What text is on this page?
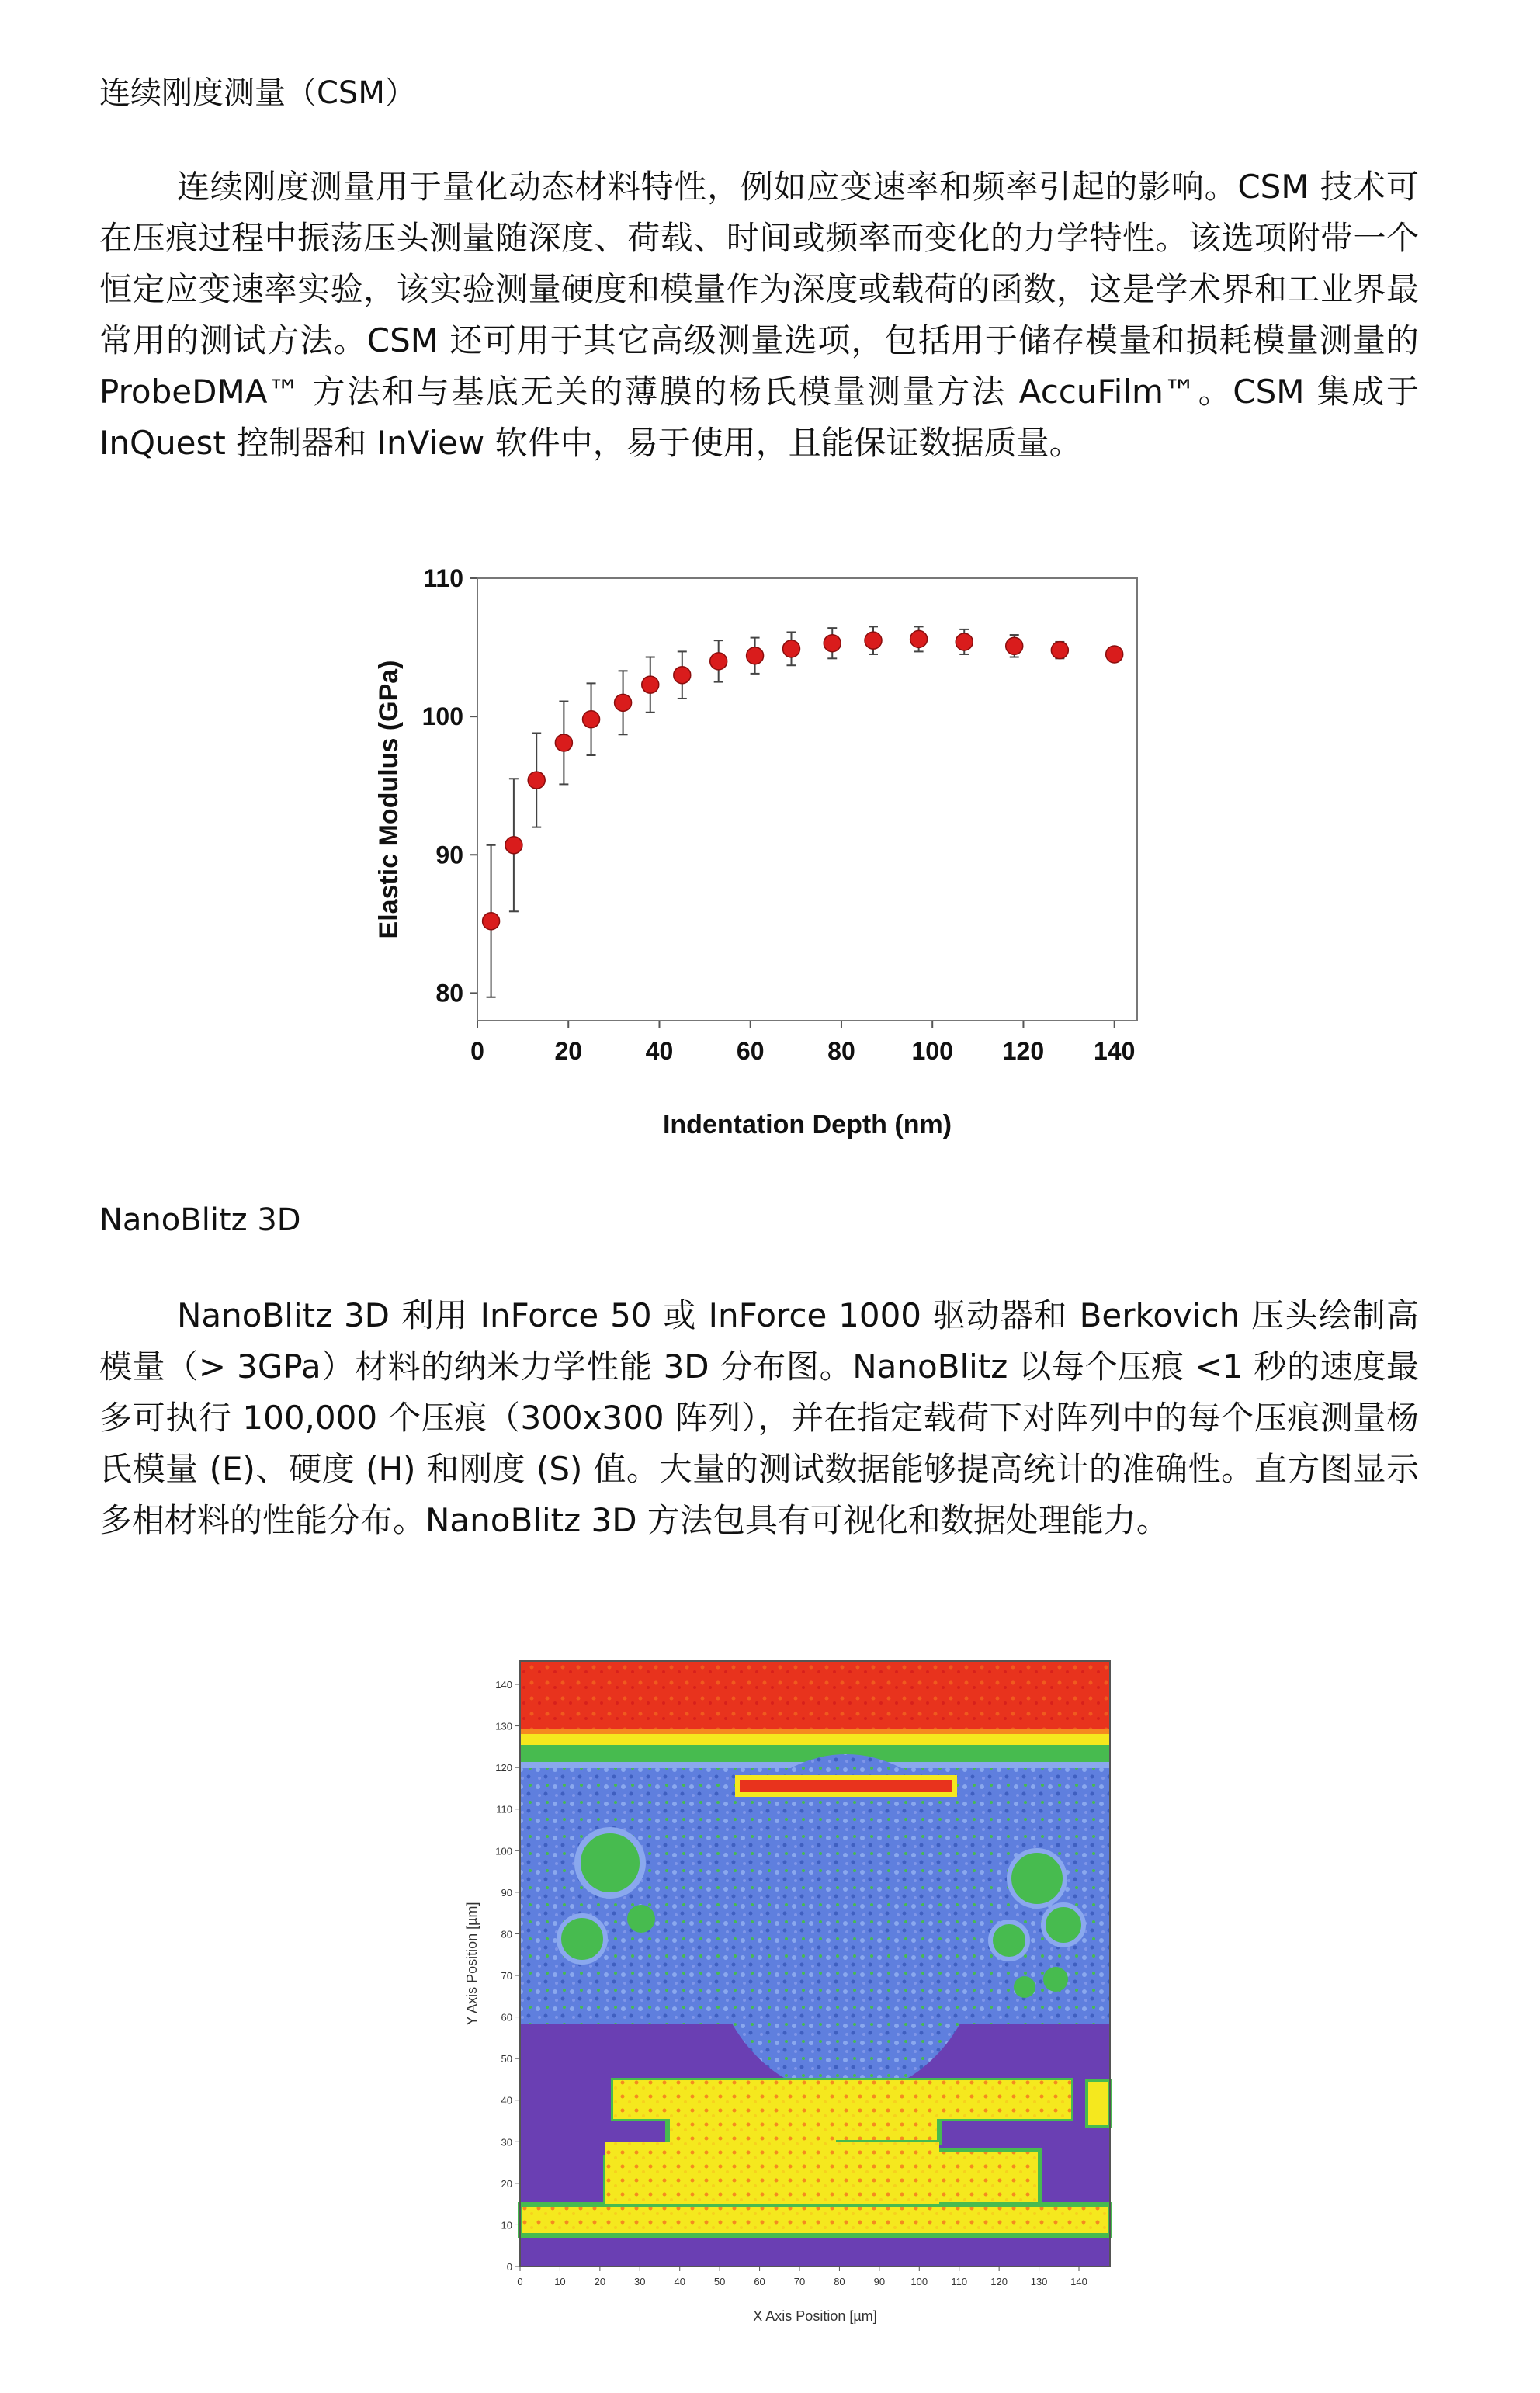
连续刚度测量（CSM）
连续刚度测量用于量化动态材料特性，例如应变速率和频率引起的影响。CSM 技术可在压痕过程中振荡压头测量随深度、荷载、时间或频率而变化的力学特性。该选项附带一个恒定应变速率实验，该实验测量硬度和模量作为深度或载荷的函数，这是学术界和工业界最常用的测试方法。CSM 还可用于其它高级测量选项，包括用于储存模量和损耗模量测量的 ProbeDMA™ 方法和与基底无关的薄膜的杨氏模量测量方法 AccuFilm™。CSM 集成于 InQuest 控制器和 InView 软件中，易于使用，且能保证数据质量。
80
90
100
110
0	20	40	60	80 100 120 140
Indentation Depth (nm)
Elastic Modulus (GPa)
NanoBlitz 3D
NanoBlitz 3D 利用 InForce 50 或 InForce 1000 驱动器和 Berkovich 压头绘制高模量（> 3GPa）材料的纳米力学性能 3D 分布图。NanoBlitz 以每个压痕 <1 秒的速度最多可执行 100,000 个压痕（300x300 阵列），并在指定载荷下对阵列中的每个压痕测量杨氏模量 (E)、硬度 (H) 和刚度 (S) 值。大量的测试数据能够提高统计的准确性。直方图显示多相材料的性能分布。NanoBlitz 3D 方法包具有可视化和数据处理能力。
0
10
20
30
40
50
60
70
80
90
100
110
120
130
140
0	10	20	30	40	50	60	70	80	90	100 110 120 130 140
X Axis Position [µm]
Y Axis Position [µm]
